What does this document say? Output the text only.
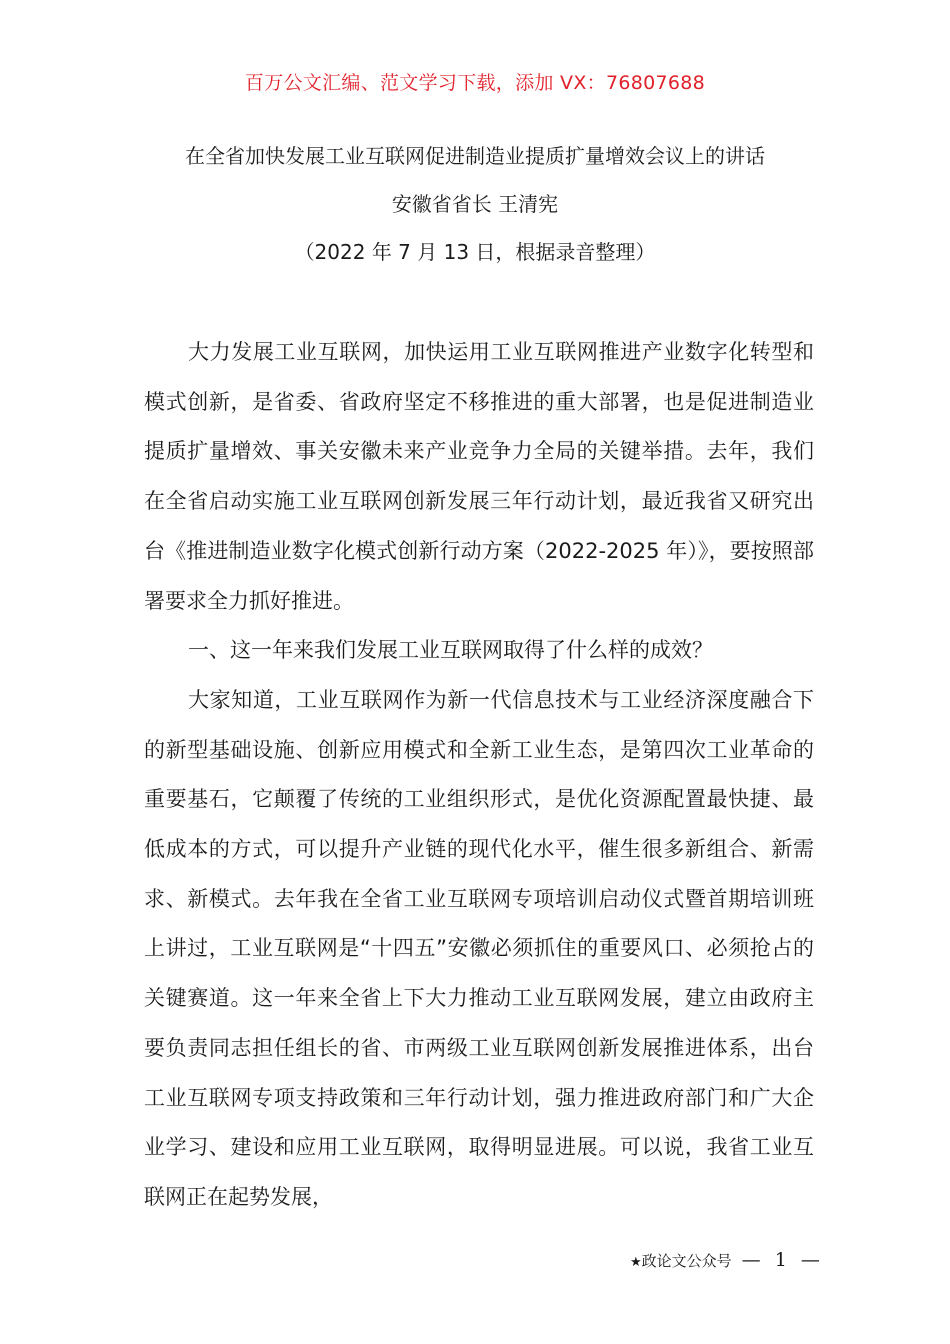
百万公文汇编、范文学习下载，添加 VX：76807688
在全省加快发展工业互联网促进制造业提质扩量增效会议上的讲话
安徽省省长 王清宪
（2022 年 7 月 13 日，根据录音整理）

大力发展工业互联网，加快运用工业互联网推进产业数字化转型和模式创新，是省委、省政府坚定不移推进的重大部署，也是促进制造业提质扩量增效、事关安徽未来产业竞争力全局的关键举措。去年，我们在全省启动实施工业互联网创新发展三年行动计划，最近我省又研究出台《推进制造业数字化模式创新行动方案（2022-2025 年）》，要按照部署要求全力抓好推进。

一、这一年来我们发展工业互联网取得了什么样的成效？

大家知道，工业互联网作为新一代信息技术与工业经济深度融合下的新型基础设施、创新应用模式和全新工业生态，是第四次工业革命的重要基石，它颠覆了传统的工业组织形式，是优化资源配置最快捷、最低成本的方式，可以提升产业链的现代化水平，催生很多新组合、新需求、新模式。去年我在全省工业互联网专项培训启动仪式暨首期培训班上讲过，工业互联网是“十四五”安徽必须抓住的重要风口、必须抢占的关键赛道。这一年来全省上下大力推动工业互联网发展，建立由政府主要负责同志担任组长的省、市两级工业互联网创新发展推进体系，出台工业互联网专项支持政策和三年行动计划，强力推进政府部门和广大企业学习、建设和应用工业互联网，取得明显进展。可以说，我省工业互联网正在起势发展，

★政论文公众号 — 1 —
